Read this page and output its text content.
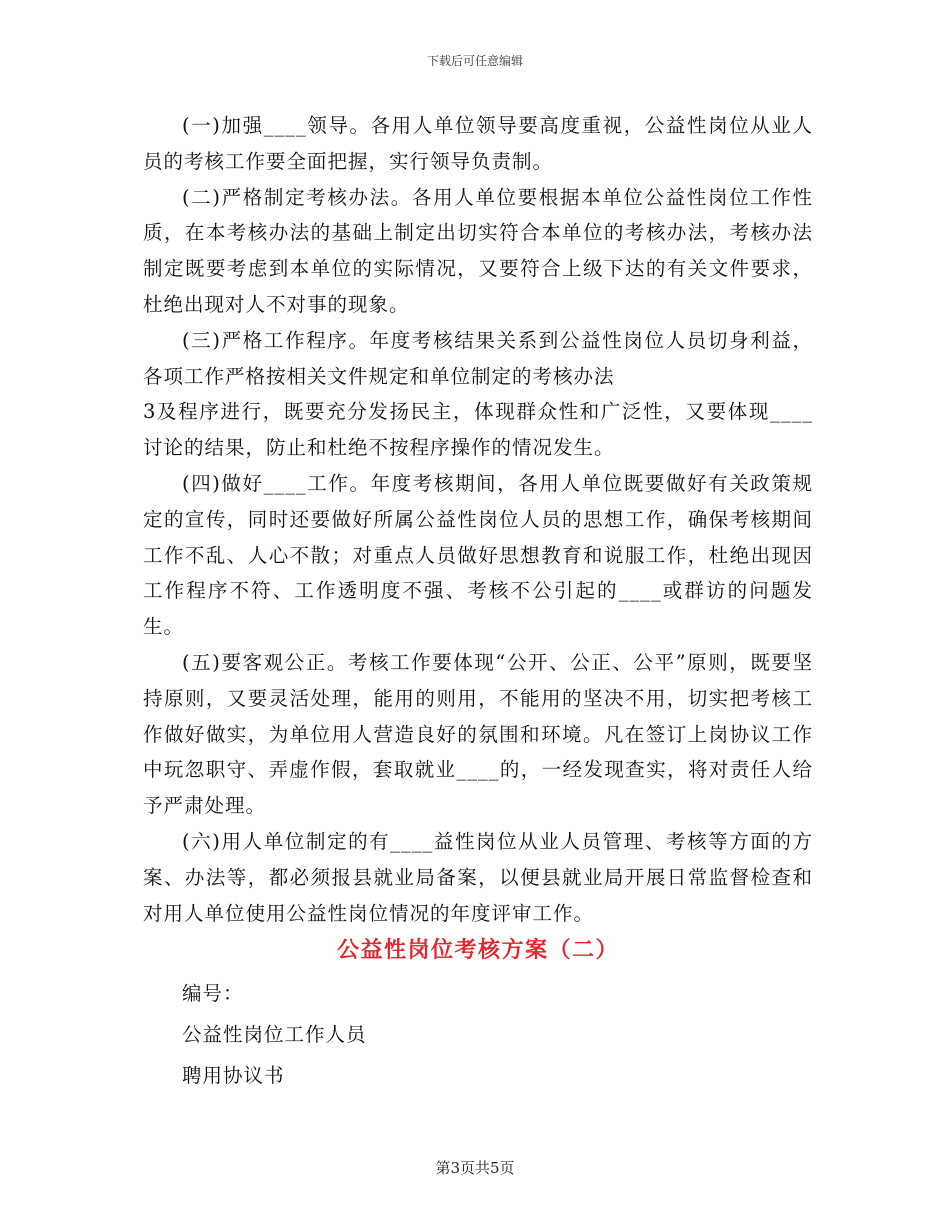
下载后可任意编辑

(一)加强____领导。各用人单位领导要高度重视，公益性岗位从业人员的考核工作要全面把握，实行领导负责制。

(二)严格制定考核办法。各用人单位要根据本单位公益性岗位工作性质，在本考核办法的基础上制定出切实符合本单位的考核办法，考核办法制定既要考虑到本单位的实际情况，又要符合上级下达的有关文件要求，杜绝出现对人不对事的现象。

(三)严格工作程序。年度考核结果关系到公益性岗位人员切身利益，各项工作严格按相关文件规定和单位制定的考核办法

3及程序进行，既要充分发扬民主，体现群众性和广泛性，又要体现____讨论的结果，防止和杜绝不按程序操作的情况发生。

(四)做好____工作。年度考核期间，各用人单位既要做好有关政策规定的宣传，同时还要做好所属公益性岗位人员的思想工作，确保考核期间工作不乱、人心不散；对重点人员做好思想教育和说服工作，杜绝出现因工作程序不符、工作透明度不强、考核不公引起的____或群访的问题发生。

(五)要客观公正。考核工作要体现“公开、公正、公平”原则，既要坚持原则，又要灵活处理，能用的则用，不能用的坚决不用，切实把考核工作做好做实，为单位用人营造良好的氛围和环境。凡在签订上岗协议工作中玩忽职守、弄虚作假，套取就业____的，一经发现查实，将对责任人给予严肃处理。

(六)用人单位制定的有____益性岗位从业人员管理、考核等方面的方案、办法等，都必须报县就业局备案，以便县就业局开展日常监督检查和对用人单位使用公益性岗位情况的年度评审工作。

公益性岗位考核方案（二）
编号：
公益性岗位工作人员
聘用协议书
第3页共5页
